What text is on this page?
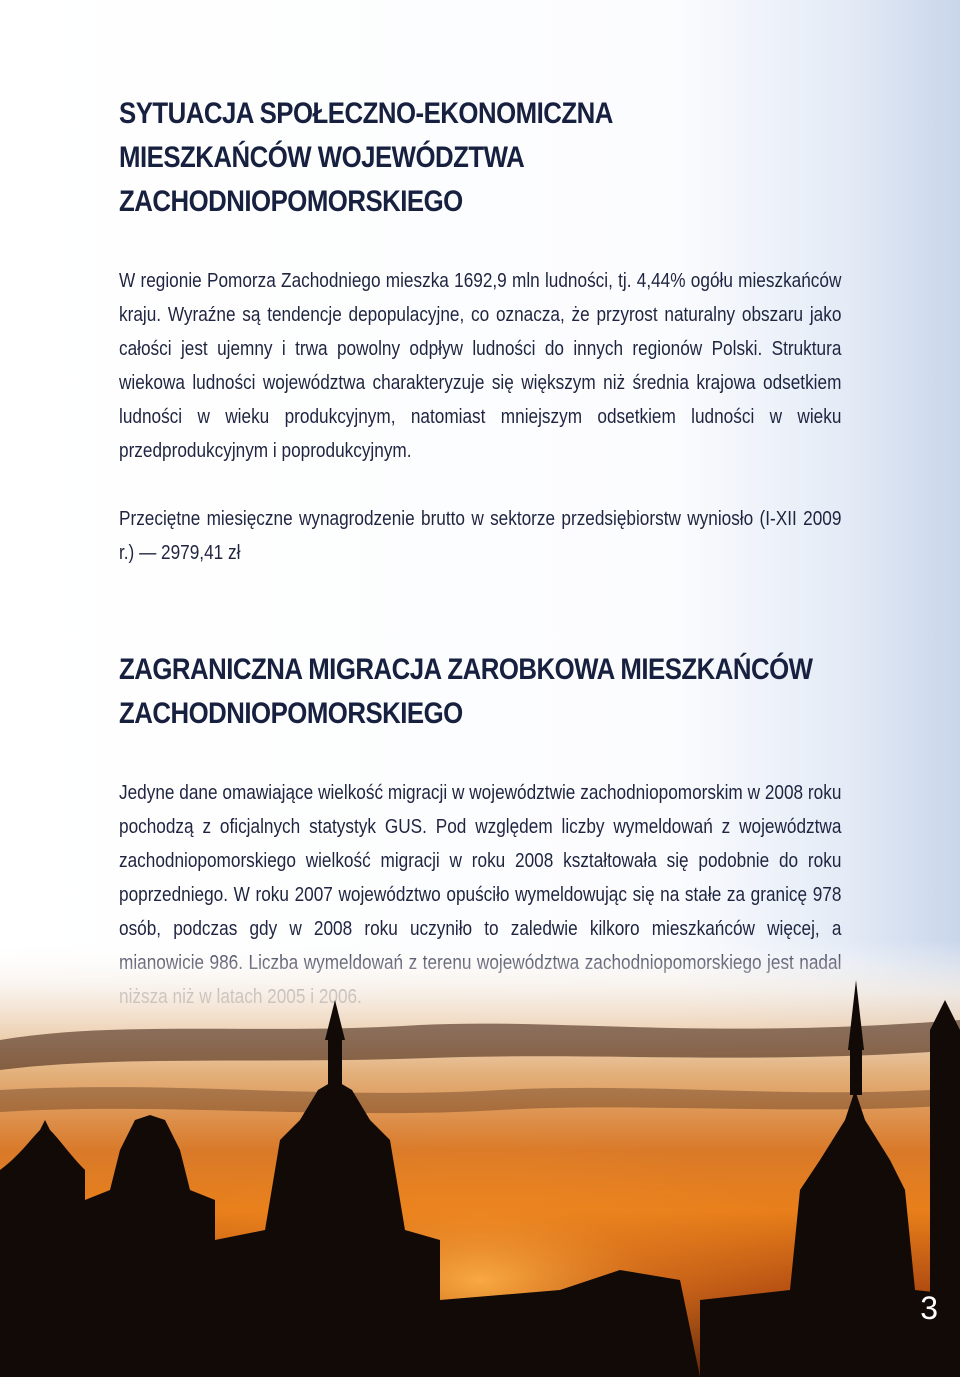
SYTUACJA SPOŁECZNO-EKONOMICZNA
MIESZKAŃCÓW WOJEWÓDZTWA
ZACHODNIOPOMORSKIEGO

W regionie Pomorza Zachodniego mieszka 1692,9 mln ludności, tj. 4,44% ogółu mieszkańców kraju. Wyraźne są tendencje depopulacyjne, co oznacza, że przyrost naturalny obszaru jako całości jest ujemny i trwa powolny odpływ ludności do innych regionów Polski. Struktura wiekowa ludności województwa charakteryzuje się większym niż średnia krajowa odsetkiem ludności w wieku produkcyjnym, natomiast mniejszym odsetkiem ludności w wieku przedprodukcyjnym i poprodukcyjnym.

Przeciętne miesięczne wynagrodzenie brutto w sektorze przedsiębiorstw wyniosło (I-XII 2009 r.) — 2979,41 zł

ZAGRANICZNA MIGRACJA ZAROBKOWA MIESZKAŃCÓW
ZACHODNIOPOMORSKIEGO

Jedyne dane omawiające wielkość migracji w województwie zachodniopomorskim w 2008 roku pochodzą z oficjalnych statystyk GUS. Pod względem liczby wymeldowań z województwa zachodniopomorskiego wielkość migracji w roku 2008 kształtowała się podobnie do roku poprzedniego. W roku 2007 województwo opuściło wymeldowując się na stałe za granicę 978 osób, podczas gdy w 2008 roku uczyniło to zaledwie kilkoro mieszkańców więcej, a

3
